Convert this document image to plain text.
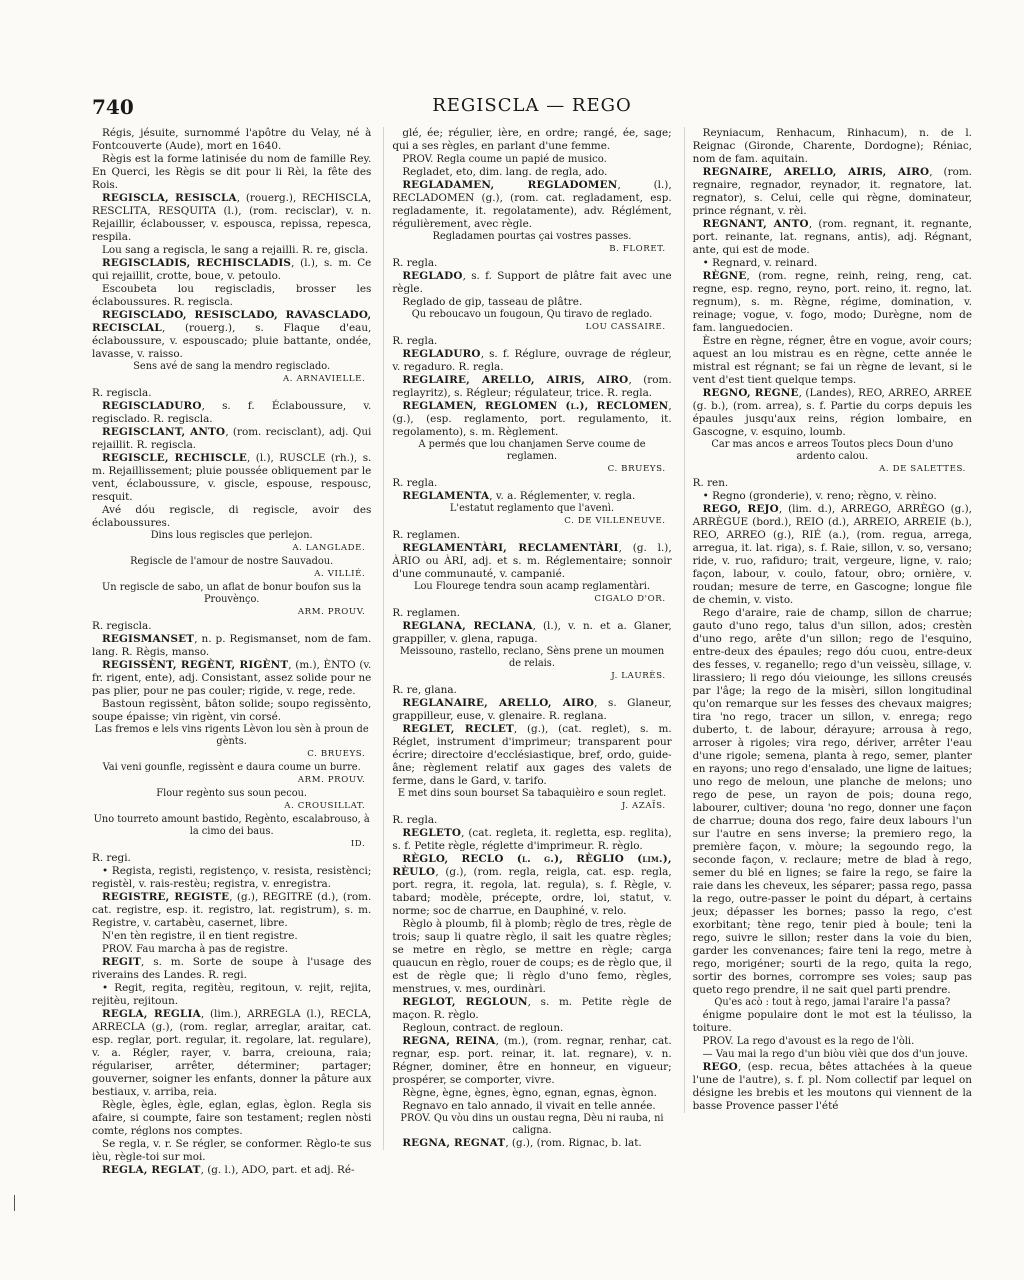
740	REGISCLA — REGO

Régis, jésuite, surnommé l'apôtre du Velay, né à Fontcouverte (Aude), mort en 1640.

Règis est la forme latinisée du nom de famille Rey. En Querci, les Règis se dit pour li Rèi, la fête des Rois.

REGISCLA, RESISCLA, (rouerg.), RECHISCLA, RESCLITA, RESQUITA (l.), (rom. recisclar), v. n. Rejaillir, éclabousser, v. espousca, repissa, repesca, respila.

Lou sang a regiscla, le sang a rejailli. R. re, giscla.

REGISCLADIS, RECHISCLADIS, (l.), s. m. Ce qui rejaillit, crotte, boue, v. petoulo.

Escoubeta lou regiscladis, brosser les éclaboussures. R. regiscla.

REGISCLADO, RESISCLADO, RAVASCLADO, RECISCLAL, (rouerg.), s. Flaque d'eau, éclaboussure, v. espouscado; pluie battante, ondée, lavasse, v. raisso.

Sens avé de sang la mendro regisclado.

A. ARNAVIELLE.

R. regiscla.

REGISCLADURO, s. f. Éclaboussure, v. regisclado. R. regiscla.

REGISCLANT, ANTO, (rom. recisclant), adj. Qui rejaillit. R. regiscla.

REGISCLE, RECHISCLE, (l.), RUSCLE (rh.), s. m. Rejaillissement; pluie poussée obliquement par le vent, éclaboussure, v. giscle, espouse, respousc, resquit.

Avé dóu regiscle, di regiscle, avoir des éclaboussures.

Dins lous regiscles que perlejon.

A. LANGLADE.

Regiscle de l'amour de nostre Sauvadou.

A. VILLIÉ.

Un regiscle de sabo, un aflat de bonur boufon sus la Prouvènço.

ARM. PROUV.

R. regiscla.

REGISMANSET, n. p. Regismanset, nom de fam. lang. R. Règis, manso.

REGISSÈNT, REGÈNT, RIGÈNT, (m.), ÈNTO (v. fr. rigent, ente), adj. Consistant, assez solide pour ne pas plier, pour ne pas couler; rigide, v. rege, rede.

Bastoun regissènt, bâton solide; soupo regissènto, soupe épaisse; vin rigènt, vin corsé.

Las fremos e lels vins rigents Lèvon lou sèn à proun de gènts.

C. BRUEYS.

Vai veni gounfle, regissènt e daura coume un burre.

ARM. PROUV.

Flour regènto sus soun pecou.

A. CROUSILLAT.

Uno tourreto amount bastido, Regènto, escalabrouso, à la cimo dei baus.

ID.

R. regi.

• Regista, registi, registenço, v. resista, resistènci; registèl, v. rais-restèu; registra, v. enregistra.

REGISTRE, REGISTE, (g.), REGITRE (d.), (rom. cat. registre, esp. it. registro, lat. registrum), s. m. Registre, v. cartabèu, casernet, libre.

N'en tèn registre, il en tient registre.

PROV. Fau marcha à pas de registre.

REGIT, s. m. Sorte de soupe à l'usage des riverains des Landes. R. regi.

• Regit, regita, regitèu, regitoun, v. rejit, rejita, rejitèu, rejitoun.

REGLA, REGLIA, (lim.), ARREGLA (l.), RECLA, ARRECLA (g.), (rom. reglar, arreglar, araitar, cat. esp. reglar, port. regular, it. regolare, lat. regulare), v. a. Régler, rayer, v. barra, creiouna, raia; régulariser, arrêter, déterminer; partager; gouverner, soigner les enfants, donner la pâture aux bestiaux, v. arriba, reia.

Règle, ègles, ègle, eglan, eglas, èglon. Regla sis afaire, si coumpte, faire son testament; reglen nòsti comte, réglons nos comptes.

Se regla, v. r. Se régler, se conformer. Règlo-te sus ièu, règle-toi sur moi.

REGLA, REGLAT, (g. l.), ADO, part. et adj. Ré-

glé, ée; régulier, ière, en ordre; rangé, ée, sage; qui a ses règles, en parlant d'une femme.

PROV. Regla coume un papié de musico.

Regladet, eto, dim. lang. de regla, ado.

REGLADAMEN, REGLADOMEN, (l.), RECLADOMEN (g.), (rom. cat. regladament, esp. regladamente, it. regolatamente), adv. Réglément, régulièrement, avec règle.

Regladamen pourtas çai vostres passes.

B. FLORET.

R. regla.

REGLADO, s. f. Support de plâtre fait avec une règle.

Reglado de gip, tasseau de plâtre.

Qu reboucavo un fougoun, Qu tiravo de reglado.

LOU CASSAIRE.

R. regla.

REGLADURO, s. f. Réglure, ouvrage de régleur, v. regaduro. R. regla.

REGLAIRE, ARELLO, AIRIS, AIRO, (rom. reglayritz), s. Régleur; régulateur, trice. R. regla.

REGLAMEN, REGLOMEN (l.), RECLOMEN, (g.), (esp. reglamento, port. regulamento, it. regolamento), s. m. Règlement.

A permés que lou chanjamen Serve coume de reglamen.

C. BRUEYS.

R. regla.

REGLAMENTA, v. a. Réglementer, v. regla.

L'estatut reglamento que l'avenì.

C. DE VILLENEUVE.

R. reglamen.

REGLAMENTÀRI, RECLAMENTÀRI, (g. l.), ÀRIO ou ÀRI, adj. et s. m. Réglementaire; sonnoir d'une communauté, v. campanié.

Lou Flourege tendra soun acamp reglamentàri.

CIGALO D'OR.

R. reglamen.

REGLANA, RECLANA, (l.), v. n. et a. Glaner, grappiller, v. glena, rapuga.

Meissouno, rastello, reclano, Sèns prene un moumen de relais.

J. LAURÈS.

R. re, glana.

REGLANAIRE, ARELLO, AIRO, s. Glaneur, grappilleur, euse, v. glenaire. R. reglana.

REGLET, RECLET, (g.), (cat. reglet), s. m. Réglet, instrument d'imprimeur; transparent pour écrire; directoire d'ecclésiastique, bref, ordo, guide-âne; règlement relatif aux gages des valets de ferme, dans le Gard, v. tarifo.

E met dins soun bourset Sa tabaquièiro e soun reglet.

J. AZAÏS.

R. regla.

REGLETO, (cat. regleta, it. regletta, esp. reglita), s. f. Petite règle, réglette d'imprimeur. R. règlo.

RÈGLO, RECLO (l. g.), RÈGLIO (lim.), RÈULO, (g.), (rom. regla, reigla, cat. esp. regla, port. regra, it. regola, lat. regula), s. f. Règle, v. tabard; modèle, précepte, ordre, loi, statut, v. norme; soc de charrue, en Dauphiné, v. relo.

Règlo à ploumb, fil à plomb; règlo de tres, règle de trois; saup li quatre règlo, il sait les quatre règles; se metre en règlo, se mettre en règle; carga quaucun en règlo, rouer de coups; es de règlo que, il est de règle que; li règlo d'uno femo, règles, menstrues, v. mes, ourdinàri.

REGLOT, REGLOUN, s. m. Petite règle de maçon. R. règlo.

Regloun, contract. de regloun.

REGNA, REINA, (m.), (rom. regnar, renhar, cat. regnar, esp. port. reinar, it. lat. regnare), v. n. Régner, dominer, être en honneur, en vigueur; prospérer, se comporter, vivre.

Règne, ègne, ègnes, ègno, egnan, egnas, ègnon.

Regnavo en talo annado, il vivait en telle année.

PROV. Qu vòu dins un oustau regna, Dèu ni rauba, ni caligna.

REGNA, REGNAT, (g.), (rom. Rignac, b. lat.

Reyniacum, Renhacum, Rinhacum), n. de l. Reignac (Gironde, Charente, Dordogne); Réniac, nom de fam. aquitain.

REGNAIRE, ARELLO, AIRIS, AIRO, (rom. regnaire, regnador, reynador, it. regnatore, lat. regnator), s. Celui, celle qui règne, dominateur, prince régnant, v. rèi.

REGNANT, ANTO, (rom. regnant, it. regnante, port. reinante, lat. regnans, antis), adj. Régnant, ante, qui est de mode.

• Regnard, v. reinard.

RÈGNE, (rom. regne, reinh, reing, reng, cat. regne, esp. regno, reyno, port. reino, it. regno, lat. regnum), s. m. Règne, régime, domination, v. reinage; vogue, v. fogo, modo; Durègne, nom de fam. languedocien.

Èstre en règne, régner, être en vogue, avoir cours; aquest an lou mistrau es en règne, cette année le mistral est régnant; se fai un règne de levant, si le vent d'est tient quelque temps.

REGNO, REGNE, (Landes), REO, ARREO, ARREE (g. b.), (rom. arrea), s. f. Partie du corps depuis les épaules jusqu'aux reins, région lombaire, en Gascogne, v. esquino, loumb.

Car mas ancos e arreos Toutos plecs Doun d'uno ardento calou.

A. DE SALETTES.

R. ren.

• Regno (gronderie), v. reno; règno, v. rèino.

REGO, REJO, (lim. d.), ARREGO, ARRÈGO (g.), ARRÈGUE (bord.), REIO (d.), ARREIO, ARREIE (b.), REO, ARREO (g.), RIÉ (a.), (rom. regua, arrega, arregua, it. lat. riga), s. f. Raie, sillon, v. so, versano; ride, v. ruo, rafiduro; trait, vergeure, ligne, v. raio; façon, labour, v. coulo, fatour, obro; ornière, v. roudan; mesure de terre, en Gascogne; longue file de chemin, v. visto.

Rego d'araire, raie de champ, sillon de charrue; gauto d'uno rego, talus d'un sillon, ados; crestèn d'uno rego, arête d'un sillon; rego de l'esquino, entre-deux des épaules; rego dóu cuou, entre-deux des fesses, v. reganello; rego d'un veissèu, sillage, v. lirassiero; li rego dóu vieiounge, les sillons creusés par l'âge; la rego de la misèri, sillon longitudinal qu'on remarque sur les fesses des chevaux maigres; tira 'no rego, tracer un sillon, v. enrega; rego duberto, t. de labour, dérayure; arrousa à rego, arroser à rigoles; vira rego, dériver, arrêter l'eau d'une rigole; semena, planta à rego, semer, planter en rayons; uno rego d'ensalado, une ligne de laitues; uno rego de meloun, une planche de melons; uno rego de pese, un rayon de pois; douna rego, labourer, cultiver; douna 'no rego, donner une façon de charrue; douna dos rego, faire deux labours l'un sur l'autre en sens inverse; la premiero rego, la première façon, v. mòure; la segoundo rego, la seconde façon, v. reclaure; metre de blad à rego, semer du blé en lignes; se faire la rego, se faire la raie dans les cheveux, les séparer; passa rego, passa la rego, outre-passer le point du départ, à certains jeux; dépasser les bornes; passo la rego, c'est exorbitant; tène rego, tenir pied à boule; teni la rego, suivre le sillon; rester dans la voie du bien, garder les convenances; faire teni la rego, metre à rego, morigéner; sourti de la rego, quita la rego, sortir des bornes, corrompre ses voies; saup pas queto rego prendre, il ne sait quel parti prendre.

Qu'es acò : tout à rego, jamai l'araire l'a passa?

énigme populaire dont le mot est la téulisso, la toiture.

PROV. La rego d'avoust es la rego de l'òli.

— Vau mai la rego d'un biòu vièi que dos d'un jouve.

REGO, (esp. recua, bêtes attachées à la queue l'une de l'autre), s. f. pl. Nom collectif par lequel on désigne les brebis et les moutons qui viennent de la basse Provence passer l'été
